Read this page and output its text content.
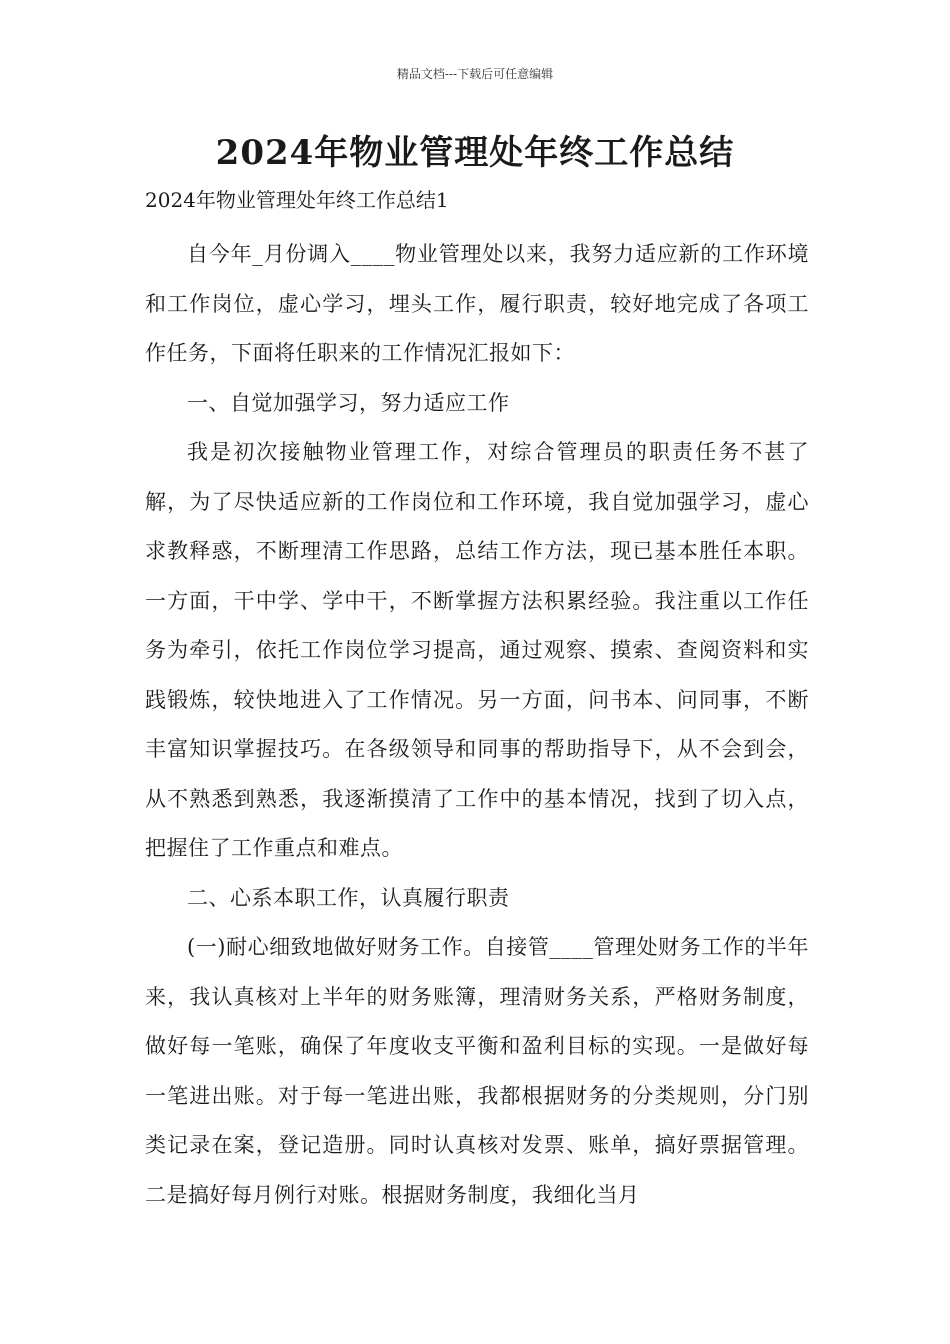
精品文档---下载后可任意编辑
2024年物业管理处年终工作总结
2024年物业管理处年终工作总结1

自今年_月份调入____物业管理处以来，我努力适应新的工作环境和工作岗位，虚心学习，埋头工作，履行职责，较好地完成了各项工作任务，下面将任职来的工作情况汇报如下：

一、自觉加强学习，努力适应工作

我是初次接触物业管理工作，对综合管理员的职责任务不甚了解，为了尽快适应新的工作岗位和工作环境，我自觉加强学习，虚心求教释惑，不断理清工作思路，总结工作方法，现已基本胜任本职。一方面，干中学、学中干，不断掌握方法积累经验。我注重以工作任务为牵引，依托工作岗位学习提高，通过观察、摸索、查阅资料和实践锻炼，较快地进入了工作情况。另一方面，问书本、问同事，不断丰富知识掌握技巧。在各级领导和同事的帮助指导下，从不会到会，从不熟悉到熟悉，我逐渐摸清了工作中的基本情况，找到了切入点，把握住了工作重点和难点。

二、心系本职工作，认真履行职责

(一)耐心细致地做好财务工作。自接管____管理处财务工作的半年来，我认真核对上半年的财务账簿，理清财务关系，严格财务制度，做好每一笔账，确保了年度收支平衡和盈利目标的实现。一是做好每一笔进出账。对于每一笔进出账，我都根据财务的分类规则，分门别类记录在案，登记造册。同时认真核对发票、账单，搞好票据管理。二是搞好每月例行对账。根据财务制度，我细化当月
